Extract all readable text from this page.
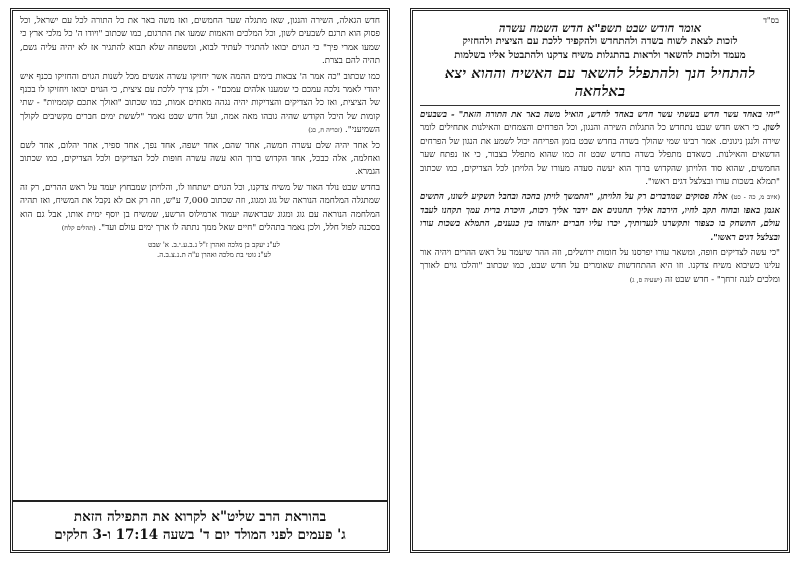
בס"ד
אומר חודש שבט תשפ"א חדש השמח עשרה
לזכות לצאת לשוח בשדה ולהתחדש ולהקפיד ללכת עם הציצית ולהחזיק
מעמד ולזכות להשאר ולראות בהתגלות משיח צדקנו ולהתבטל אליו בשלמות
להתחיל חנך ולהתפלל להשאר עם האשיח וההוא יצא באלחאה

"יהי באחד עשר חדש בעשתי עשר חדש באחד לחדש, הואיל משה באר את התורה הזאת" - בשבעים לשון. כי ראש חדש שבט נתחדש כל התגלות השירה והנגון, וכל הפרחים והצמחים והאילנות אתחילים לומר שירה ולנגן ניגונים. אמר רבינו שמי שהולך בשדה בחדש שבט בזמן הפריחה יכול לשמע את הנגון של הפרחים הדשאים והאילנות. כשאדם מתפלל בשדה בחדש שבט זה כמו שהוא מתפלל בצבור, כי אז נפתח שער החמשים, שהוא סוד הלויתן שהקדוש ברוך הוא יעשה סעדה מעורו של הלויתן לכל הצדיקים, כמו שכתוב "תמלא בשכות עורו ובצלצל דגים ראשו".

(איוב מ, כה - כט) אלה פסוקים שמדברים רק על הלויתן, "התמשך לויתן בחכה ובחבל תשקיע לשונו, התשים אגמן באפו ובחוח תקב לחיו, הירבה אליך תחנונים אם ידבר אליך רכות, היכרת ברית עמך תקחנו לעבד עולם, התשחק בו כצפור ותקשרנו לנערותיך, יכרו עליו חברים יחצוהו בין כנענים, התמלא בשכות עורו ובצלצל דגים ראשו".

"כי עשה לצדיקים חופה, ומשאר עורו יפרסנו על חומות ירושלים, וזה ההר שיעמד על ראש ההרים ויהיה אור עלינו כשיבוא משיח צדקנו. וזו היא ההתחדשות שאומרים על חדש שבט, כמו שכתוב "והלכו גוים לאורך ומלכים לנגה זרחך" - חדש שבט זה (ישעיה ס, ג)

חדש הגאלה, השירה והנגון, שאז מתגלה שער החמשים, ואז משה באר את כל התורה לכל עם ישראל, וכל פסוק הוא תרגם לשבעים לשון, וכל המלכים והאמות שמעו את התרגום, כמו שכתוב "ויודו ה' כל מלכי ארץ כי שמעו אמרי פיך" כי הגוים יבואו להתגיר לעתיד לבוא, ומשפחה שלא תבוא להתגיר אז לא יהיה עליה גשם, תהיה להם בצרת.

כמו שכתוב "כה אמר ה' צבאות בימים ההמה אשר יחזיקו עשרה אנשים מכל לשנות הגוים והחזיקו בכנף איש יהודי לאמר נלכה עמכם כי שמענו אלהים עמכם" - ולכן צריך ללכת עם ציצית, כי הגוים יבואו ויחזיקו לו בכנף של הציצית, ואז כל הצדיקים והצדיקות יהיה נגהה מאתים אמות, כמו שכתוב "ואולך אתכם קוממיות" - שתי קומות של היכל הקודש שהיה גובהו מאה אמה, ועל חדש שבט נאמר "לששת ימים חברים מקשיבים לקולך השמיעני". (זכריה ח, כג)

כל אחד יהיה שלם עשרה חמשה, אחד שהם, אחד ישפה, אחד נפך, אחד ספיר, אחד יהלום, אחד לשם ואחלמה, אלה כבכל, אחד הקדוש ברוך הוא עשה עשרה חופות לכל הצדיקים ולכל הצדיקים, כמו שכתוב הגמרא.

בחדש שבט נולד האור של משיח צדקנו, וכל הגוים ישתחוו לו, והלויתן שמבחוץ יעמד על ראש ההרים, רק זה שמתגלה המלחמה הנוראה של גוג ומגוג, וזה שכתוב 7,000 ע"ש, וזה רק אם לא נקבל את המשיח, ואז תהיה המלחמה הנוראה עם גוג ומגוג שבראשה יעמוד ארמילוס הרשע, שמשיח בן יוסף ימית אותו, אבל גם הוא בסכנה לפול חלל, ולכן נאמר בתהלים "חיים שאל ממך נתתה לו ארך ימים עולם ועד". (תהלים קלח)

לע"נ יעקב בן מלכה ואהרן ז"ל נ.ב.ע.י.ב. א' שבט
לע"נ גוטי בת מלכה ואהרן ע"ה ת.נ.צ.ב.ה.
בהוראת הרב שליט"א לקרוא את התפילה הזאת
ג' פעמים לפני המולד יום ד' בשעה 17:14 ו-3 חלקים
